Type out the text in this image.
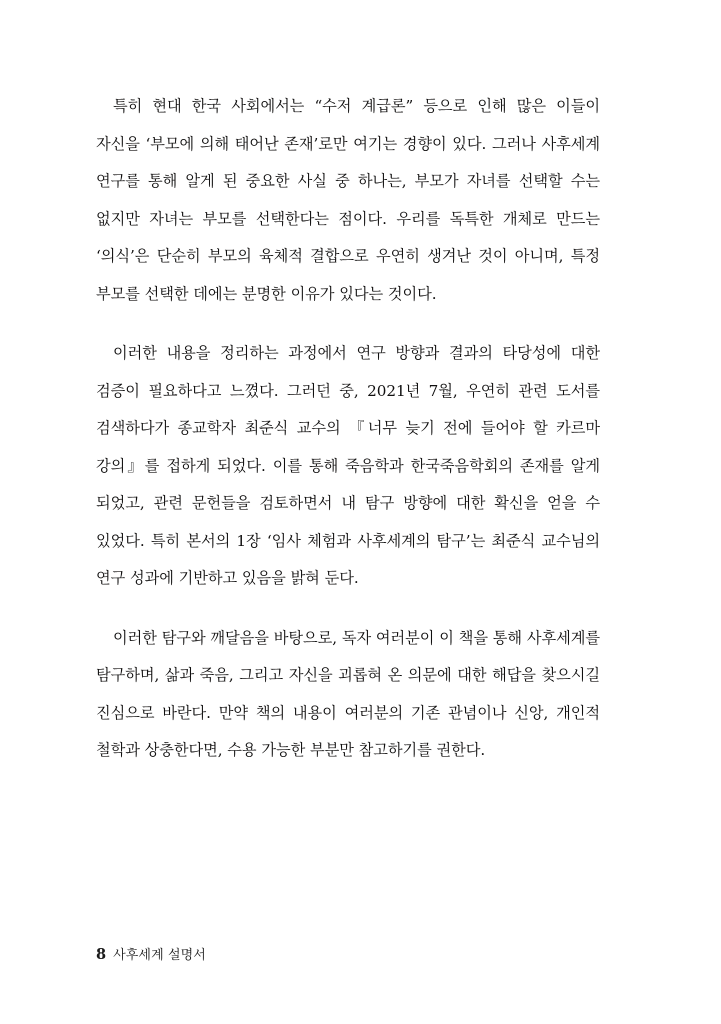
특히 현대 한국 사회에서는 “수저 계급론” 등으로 인해 많은 이들이 자신을 ‘부모에 의해 태어난 존재’로만 여기는 경향이 있다. 그러나 사후세계 연구를 통해 알게 된 중요한 사실 중 하나는, 부모가 자녀를 선택할 수는 없지만 자녀는 부모를 선택한다는 점이다. 우리를 독특한 개체로 만드는 ‘의식’은 단순히 부모의 육체적 결합으로 우연히 생겨난 것이 아니며, 특정 부모를 선택한 데에는 분명한 이유가 있다는 것이다.

이러한 내용을 정리하는 과정에서 연구 방향과 결과의 타당성에 대한 검증이 필요하다고 느꼈다. 그러던 중, 2021년 7월, 우연히 관련 도서를 검색하다가 종교학자 최준식 교수의 『너무 늦기 전에 들어야 할 카르마 강의』를 접하게 되었다. 이를 통해 죽음학과 한국죽음학회의 존재를 알게 되었고, 관련 문헌들을 검토하면서 내 탐구 방향에 대한 확신을 얻을 수 있었다. 특히 본서의 1장 ‘임사 체험과 사후세계의 탐구’는 최준식 교수님의 연구 성과에 기반하고 있음을 밝혀 둔다.

이러한 탐구와 깨달음을 바탕으로, 독자 여러분이 이 책을 통해 사후세계를 탐구하며, 삶과 죽음, 그리고 자신을 괴롭혀 온 의문에 대한 해답을 찾으시길 진심으로 바란다. 만약 책의 내용이 여러분의 기존 관념이나 신앙, 개인적 철학과 상충한다면, 수용 가능한 부분만 참고하기를 권한다.

8 사후세계 설명서
